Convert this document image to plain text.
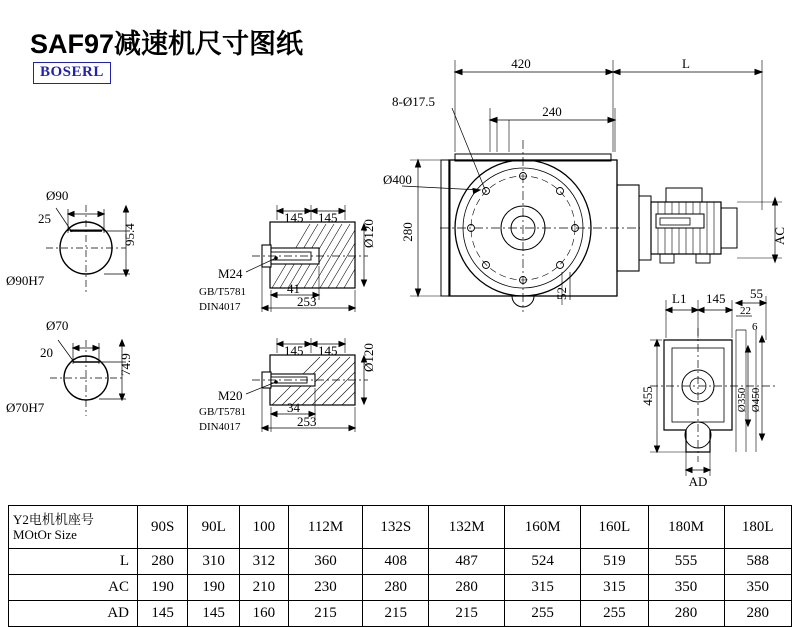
SAF97减速机尺寸图纸
BOSERL
Ø90
25
95.4
Ø90H7
Ø70
20
74.9
Ø70H7
145 145
Ø120
M24
GB/T5781
DIN4017
41
253
145 145 Ø120
M20
GB/T5781
DIN4017
34
253
420	L
8-Ø17.5
240
Ø400
280
52
AC
L1 145 55
22
6
455	Ø350 Ø450
AD
Y2电机机座号
MOtOr Size	90S	90L	100	112M	132S	132M	160M	160L	180M	180L
L	280	310	312	360	408	487	524	519	555	588
AC	190	190	210	230	280	280	315	315	350	350
AD	145	145	160	215	215	215	255	255	280	280
